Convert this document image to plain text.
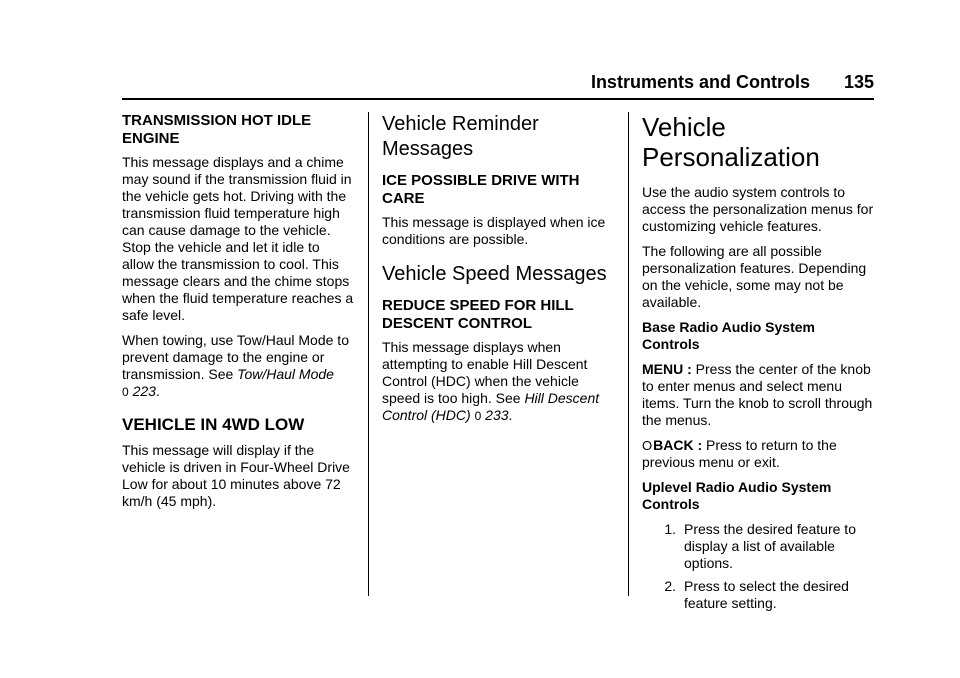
Instruments and Controls 135
TRANSMISSION HOT IDLE ENGINE

This message displays and a chime may sound if the transmission fluid in the vehicle gets hot. Driving with the transmission fluid temperature high can cause damage to the vehicle. Stop the vehicle and let it idle to allow the transmission to cool. This message clears and the chime stops when the fluid temperature reaches a safe level.

When towing, use Tow/Haul Mode to prevent damage to the engine or transmission. See Tow/Haul Mode
0 223.

VEHICLE IN 4WD LOW

This message will display if the vehicle is driven in Four-Wheel Drive Low for about 10 minutes above 72 km/h (45 mph).

Vehicle Reminder Messages
ICE POSSIBLE DRIVE WITH CARE

This message is displayed when ice conditions are possible.

Vehicle Speed Messages
REDUCE SPEED FOR HILL DESCENT CONTROL

This message displays when attempting to enable Hill Descent Control (HDC) when the vehicle speed is too high. See Hill Descent Control (HDC) 0 233.

Vehicle Personalization

Use the audio system controls to access the personalization menus for customizing vehicle features.

The following are all possible personalization features. Depending on the vehicle, some may not be available.

Base Radio Audio System Controls

MENU : Press the center of the knob to enter menus and select menu items. Turn the knob to scroll through the menus.

OBACK : Press to return to the previous menu or exit.

Uplevel Radio Audio System Controls
1. Press the desired feature to display a list of available options.
2. Press to select the desired feature setting.
